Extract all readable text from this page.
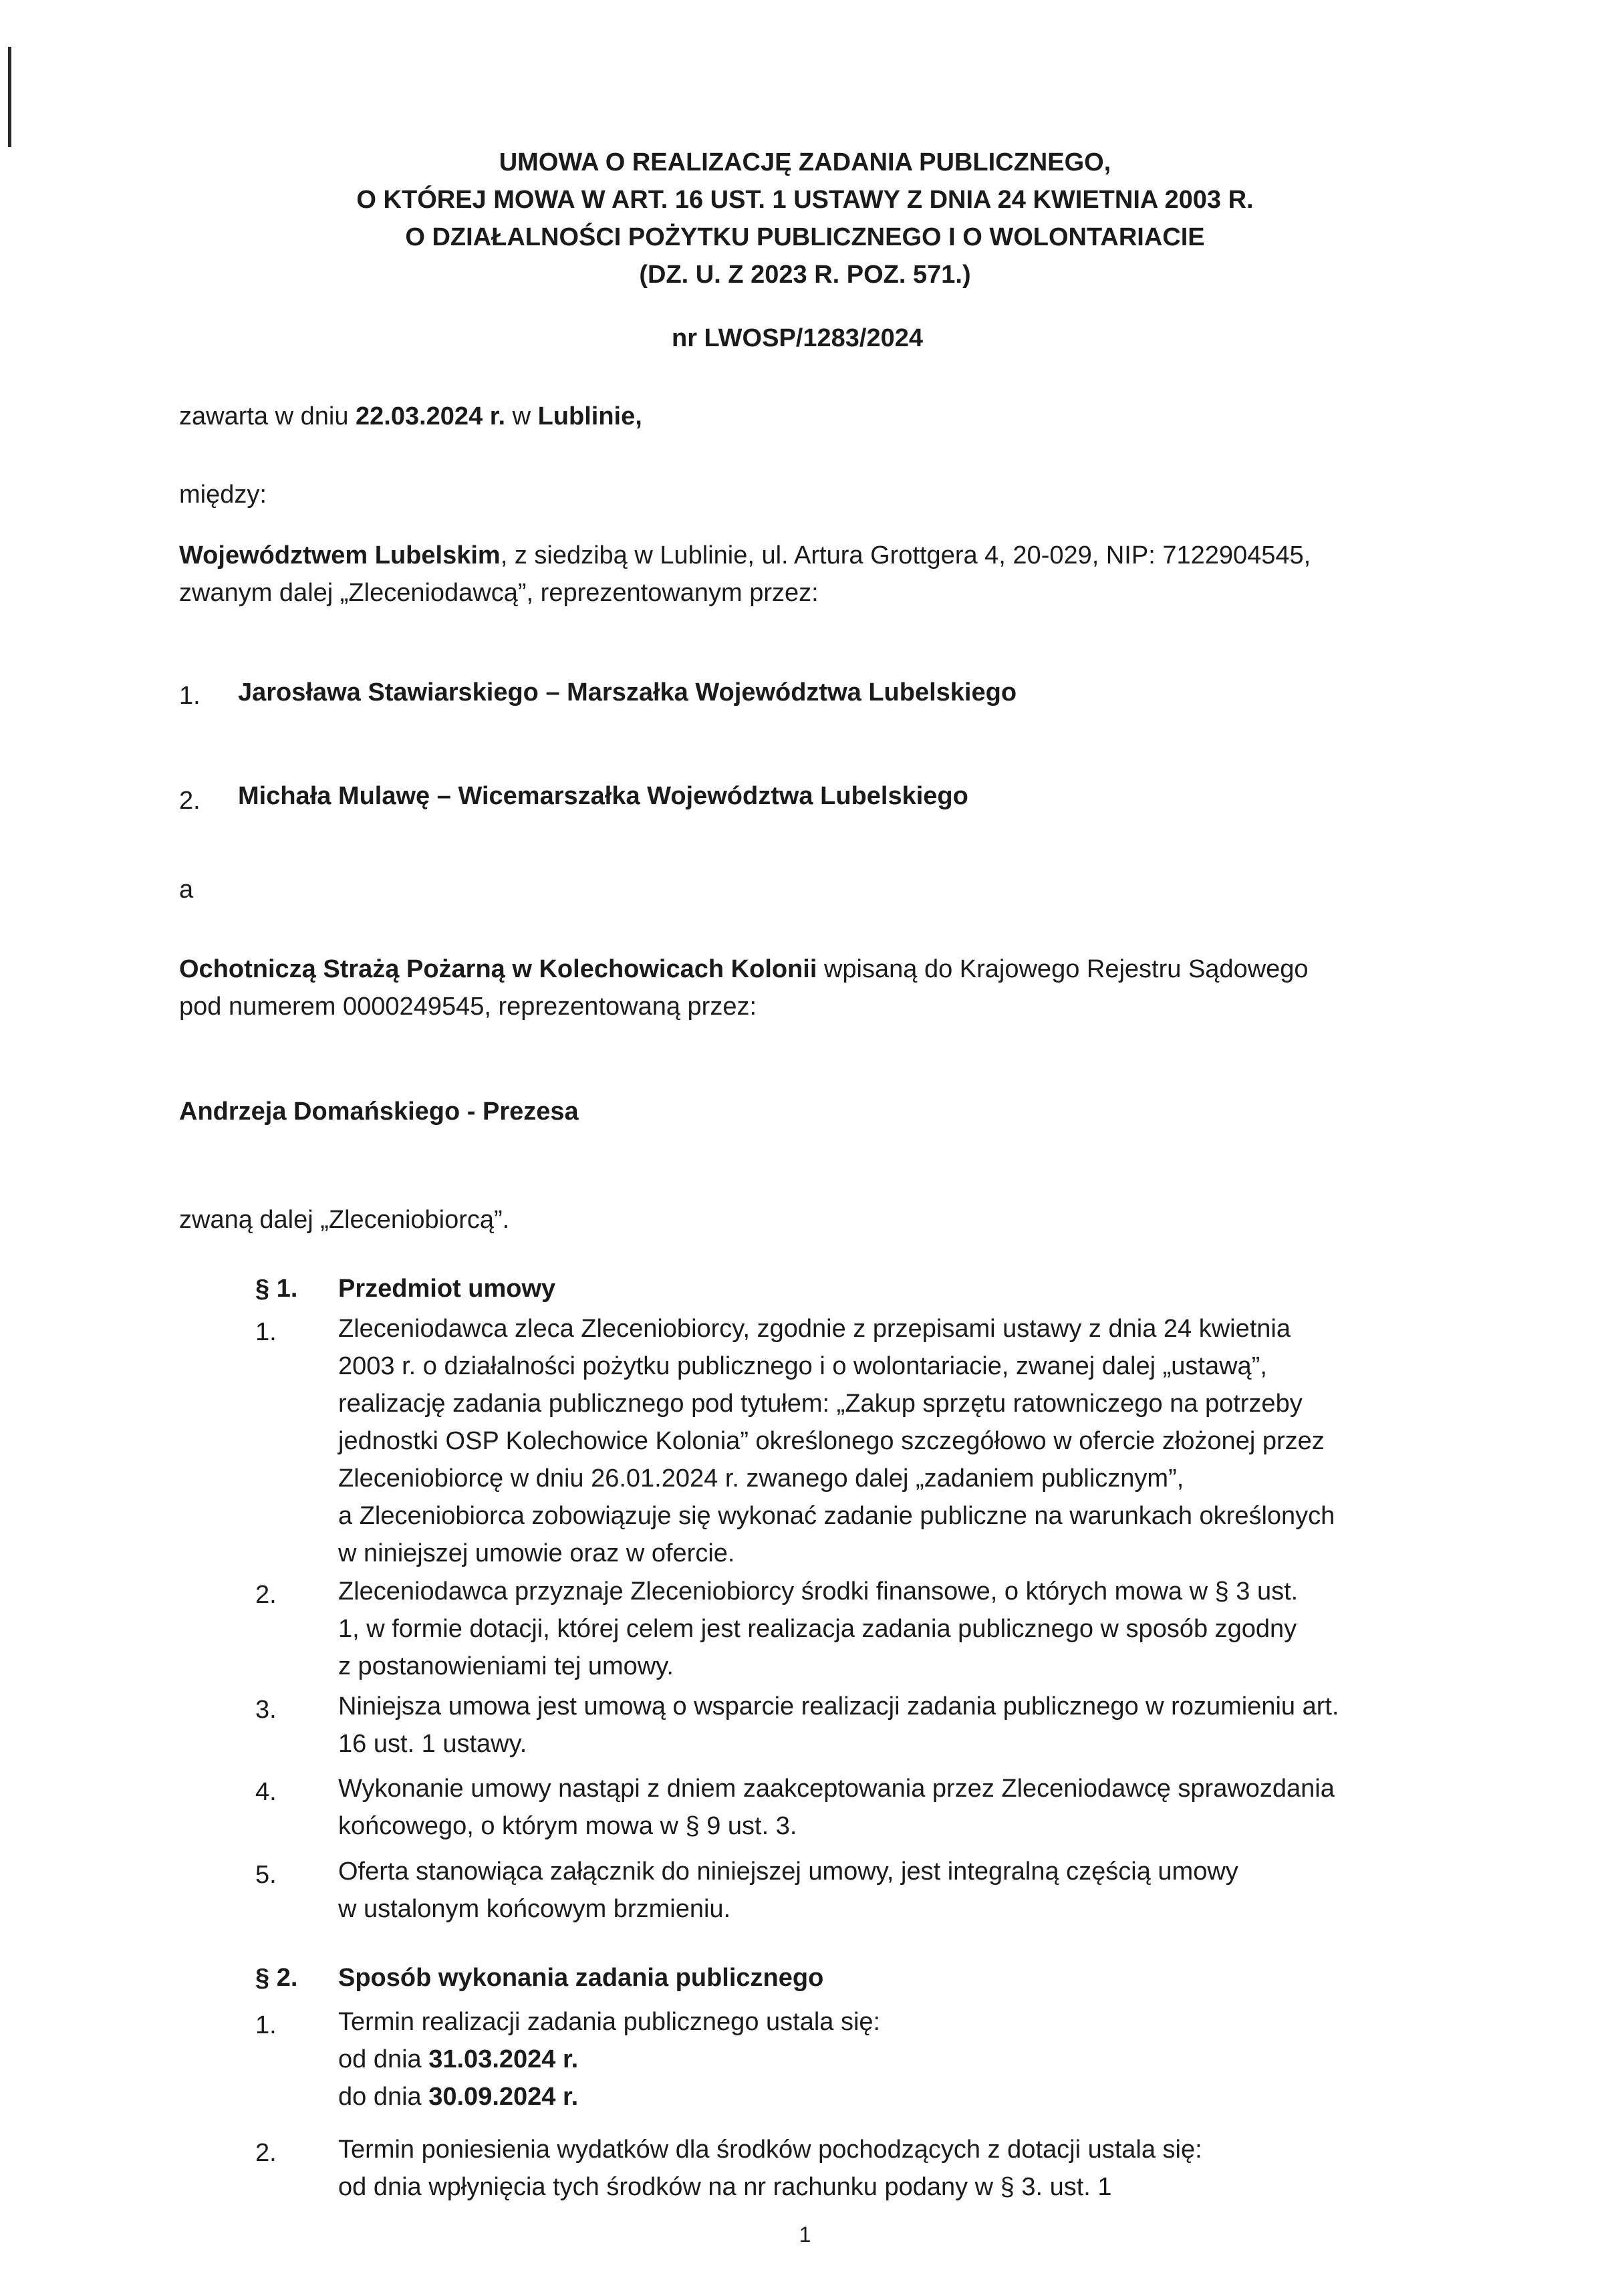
UMOWA O REALIZACJĘ ZADANIA PUBLICZNEGO,
O KTÓREJ MOWA W ART. 16 UST. 1 USTAWY Z DNIA 24 KWIETNIA 2003 R.
O DZIAŁALNOŚCI POŻYTKU PUBLICZNEGO I O WOLONTARIACIE
(DZ. U. Z 2023 R. POZ. 571.)
nr LWOSP/1283/2024
zawarta w dniu 22.03.2024 r. w Lublinie,
między:
Województwem Lubelskim, z siedzibą w Lublinie, ul. Artura Grottgera 4, 20-029, NIP: 7122904545,
zwanym dalej „Zleceniodawcą”, reprezentowanym przez:
1. Jarosława Stawiarskiego – Marszałka Województwa Lubelskiego
2. Michała Mulawę – Wicemarszałka Województwa Lubelskiego
a
Ochotniczą Strażą Pożarną w Kolechowicach Kolonii wpisaną do Krajowego Rejestru Sądowego
pod numerem 0000249545, reprezentowaną przez:
Andrzeja Domańskiego - Prezesa
zwaną dalej „Zleceniobiorcą”.
§ 1. Przedmiot umowy
1. Zleceniodawca zleca Zleceniobiorcy, zgodnie z przepisami ustawy z dnia 24 kwietnia
2003 r. o działalności pożytku publicznego i o wolontariacie, zwanej dalej „ustawą”,
realizację zadania publicznego pod tytułem: „Zakup sprzętu ratowniczego na potrzeby
jednostki OSP Kolechowice Kolonia” określonego szczegółowo w ofercie złożonej przez
Zleceniobiorcę w dniu 26.01.2024 r. zwanego dalej „zadaniem publicznym”,
a Zleceniobiorca zobowiązuje się wykonać zadanie publiczne na warunkach określonych
w niniejszej umowie oraz w ofercie.
2. Zleceniodawca przyznaje Zleceniobiorcy środki finansowe, o których mowa w § 3 ust.
1, w formie dotacji, której celem jest realizacja zadania publicznego w sposób zgodny
z postanowieniami tej umowy.
3. Niniejsza umowa jest umową o wsparcie realizacji zadania publicznego w rozumieniu art.
16 ust. 1 ustawy.
4. Wykonanie umowy nastąpi z dniem zaakceptowania przez Zleceniodawcę sprawozdania
końcowego, o którym mowa w § 9 ust. 3.
5. Oferta stanowiąca załącznik do niniejszej umowy, jest integralną częścią umowy
w ustalonym końcowym brzmieniu.
§ 2. Sposób wykonania zadania publicznego
1. Termin realizacji zadania publicznego ustala się:
od dnia 31.03.2024 r.
do dnia 30.09.2024 r.
2. Termin poniesienia wydatków dla środków pochodzących z dotacji ustala się:
od dnia wpłynięcia tych środków na nr rachunku podany w § 3. ust. 1
1
